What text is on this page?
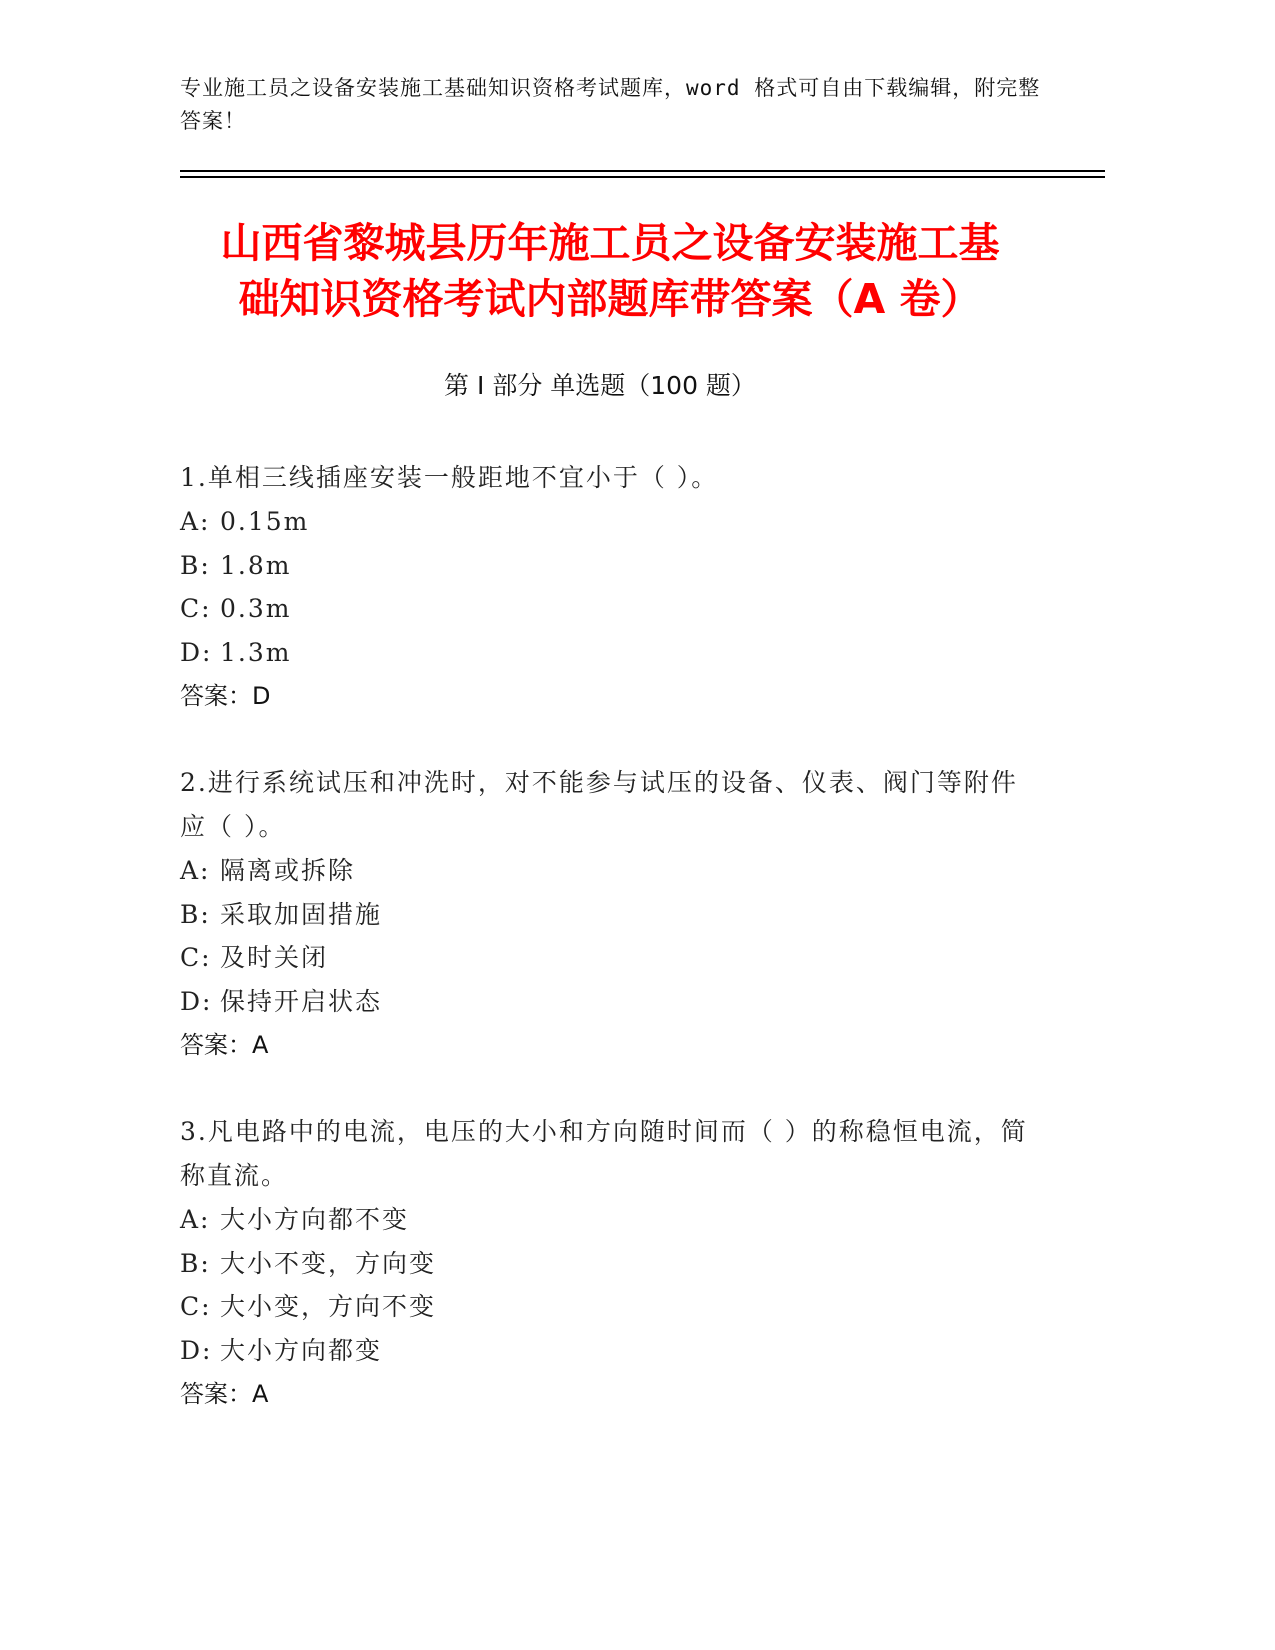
专业施工员之设备安装施工基础知识资格考试题库，word 格式可自由下载编辑，附完整答案！
山西省黎城县历年施工员之设备安装施工基
础知识资格考试内部题库带答案（A 卷）
第 I 部分 单选题（100 题）
1.单相三线插座安装一般距地不宜小于（ ）。
A: 0.15m
B: 1.8m
C: 0.3m
D: 1.3m
答案：D
2.进行系统试压和冲洗时，对不能参与试压的设备、仪表、阀门等附件应（ ）。
A: 隔离或拆除
B: 采取加固措施
C: 及时关闭
D: 保持开启状态
答案：A
3.凡电路中的电流，电压的大小和方向随时间而（ ）的称稳恒电流，简称直流。
A: 大小方向都不变
B: 大小不变，方向变
C: 大小变，方向不变
D: 大小方向都变
答案：A
